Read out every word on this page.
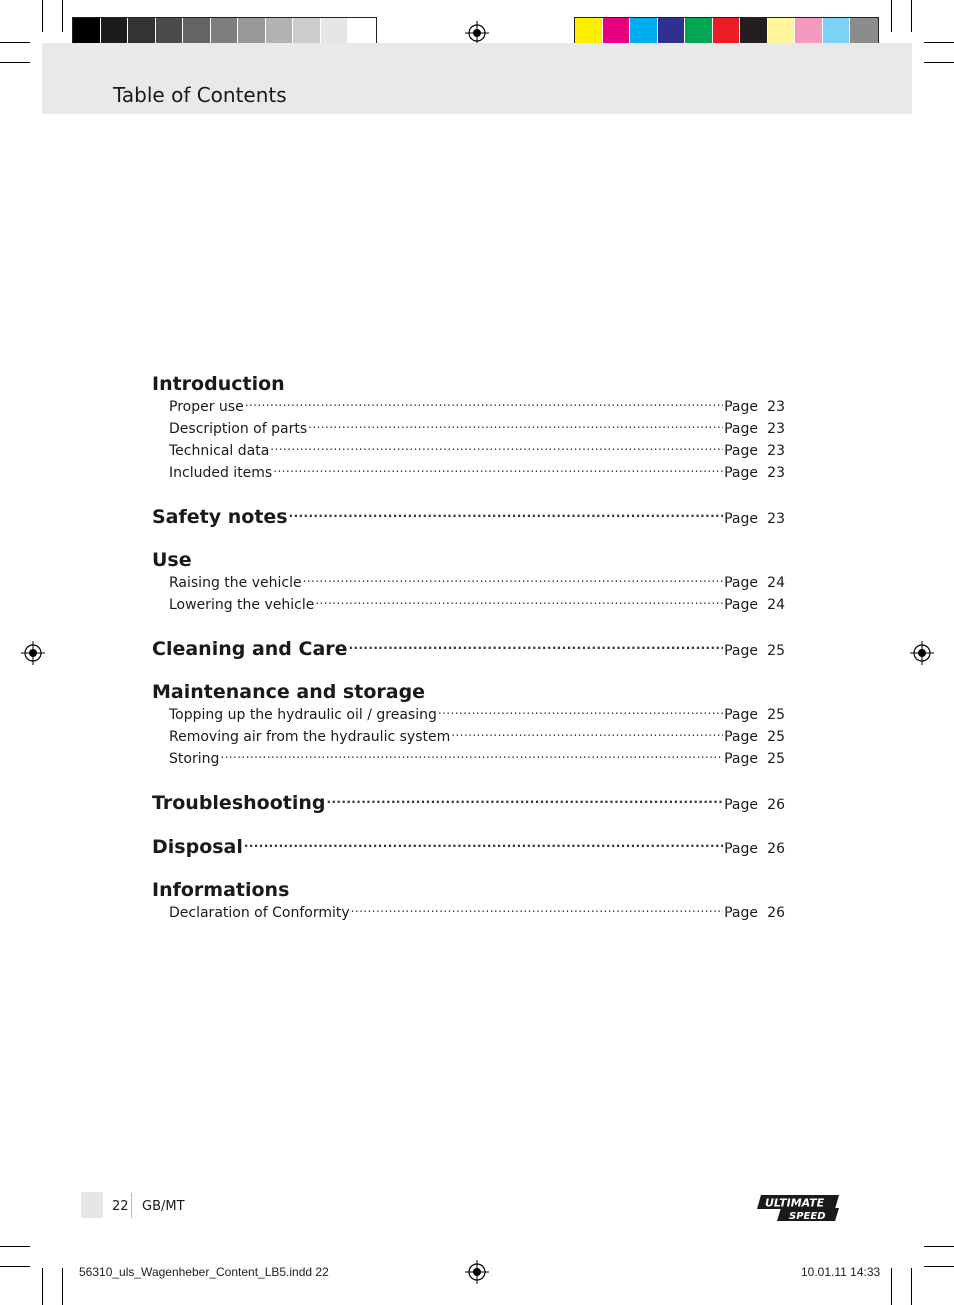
Table of Contents
Introduction
Proper use .....	Page 23
Description of parts .....	Page 23
Technical data .....	Page 23
Included items .....	Page 23
Safety notes .....	Page 23
Use
Raising the vehicle .....	Page 24
Lowering the vehicle .....	Page 24
Cleaning and Care .....	Page 25
Maintenance and storage
Topping up the hydraulic oil / greasing .....	Page 25
Removing air from the hydraulic system .....	Page 25
Storing .....	Page 25
Troubleshooting .....	Page 26
Disposal .....	Page 26
Informations
Declaration of Conformity .....	Page 26
22 GB/MT	ULTIMATE
SPEED
56310_uls_Wagenheber_Content_LB5.indd 22	10.01.11 14:33
